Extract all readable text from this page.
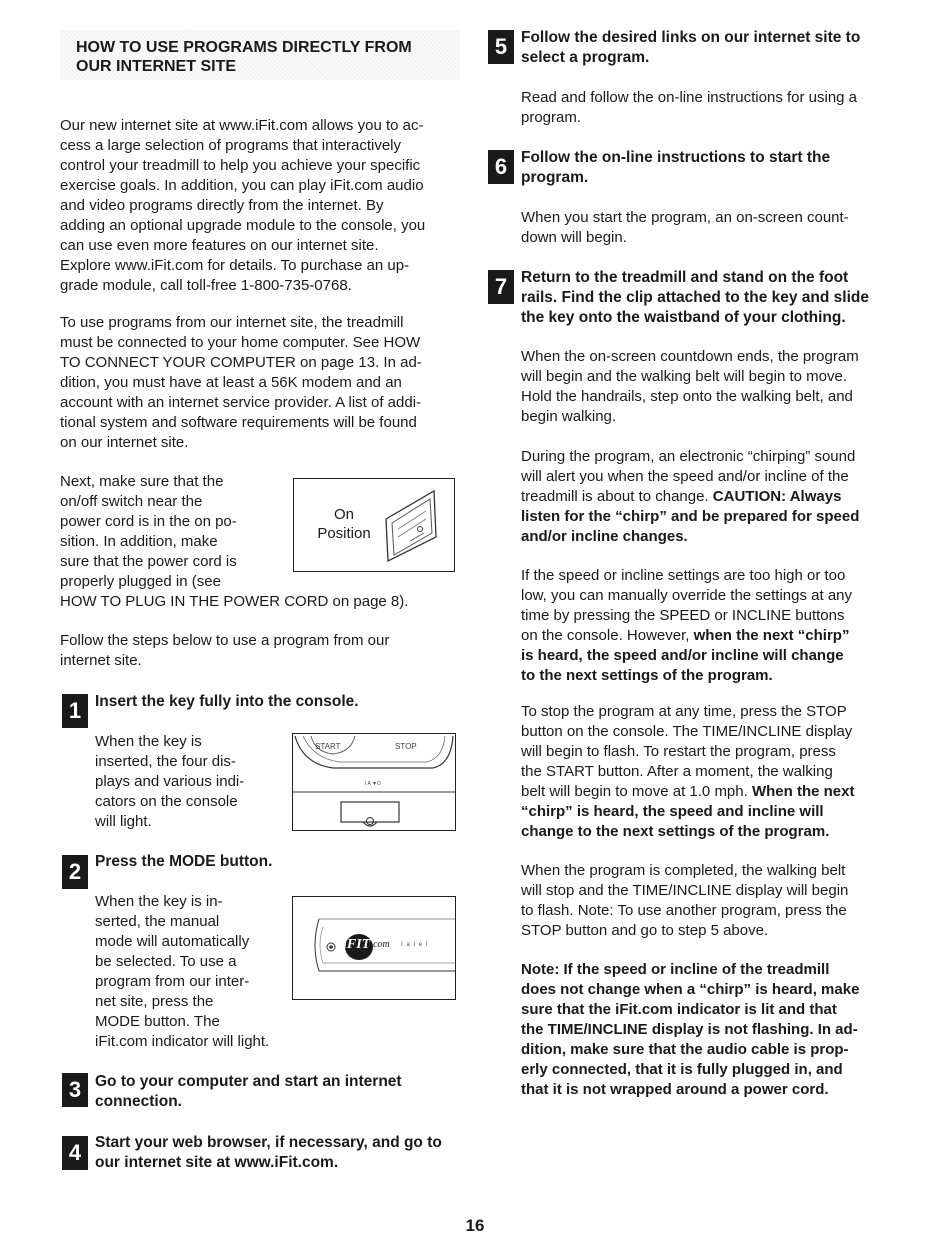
HOW TO USE PROGRAMS DIRECTLY FROM
OUR INTERNET SITE

Our new internet site at www.iFit.com allows you to ac-

cess a large selection of programs that interactively

control your treadmill to help you achieve your specific

exercise goals. In addition, you can play iFit.com audio

and video programs directly from the internet. By

adding an optional upgrade module to the console, you

can use even more features on our internet site.

Explore www.iFit.com for details. To purchase an up-

grade module, call toll-free 1-800-735-0768.

To use programs from our internet site, the treadmill

must be connected to your home computer. See HOW

TO CONNECT YOUR COMPUTER on page 13. In ad-

dition, you must have at least a 56K modem and an

account with an internet service provider. A list of addi-

tional system and software requirements will be found

on our internet site.

Next, make sure that the

on/off switch near the

power cord is in the on po-

sition. In addition, make

sure that the power cord is

properly plugged in (see

HOW TO PLUG IN THE POWER CORD on page 8).

On
Position

Follow the steps below to use a program from our

internet site.

1 Insert the key fully into the console.

When the key is

inserted, the four dis-

plays and various indi-

cators on the console

will light.

START	STOP
I A ▼O
2 Press the MODE button.

When the key is in-

serted, the manual

mode will automatically

be selected. To use a

program from our inter-

net site, press the

MODE button. The

iFit.com indicator will light.

iFIT com I a I e I
3 Go to your computer and start an internet
connection.
4 Start your web browser, if necessary, and go to
our internet site at www.iFit.com.
5 Follow the desired links on our internet site to
select a program.

Read and follow the on-line instructions for using a

program.

6 Follow the on-line instructions to start the
program.

When you start the program, an on-screen count-

down will begin.

7 Return to the treadmill and stand on the foot
rails. Find the clip attached to the key and slide
the key onto the waistband of your clothing.

When the on-screen countdown ends, the program

will begin and the walking belt will begin to move.

Hold the handrails, step onto the walking belt, and

begin walking.

During the program, an electronic “chirping” sound

will alert you when the speed and/or incline of the

treadmill is about to change. CAUTION: Always

listen for the “chirp” and be prepared for speed

and/or incline changes.

If the speed or incline settings are too high or too

low, you can manually override the settings at any

time by pressing the SPEED or INCLINE buttons

on the console. However, when the next “chirp”

is heard, the speed and/or incline will change

to the next settings of the program.

To stop the program at any time, press the STOP

button on the console. The TIME/INCLINE display

will begin to flash. To restart the program, press

the START button. After a moment, the walking

belt will begin to move at 1.0 mph. When the next

“chirp” is heard, the speed and incline will

change to the next settings of the program.

When the program is completed, the walking belt

will stop and the TIME/INCLINE display will begin

to flash. Note: To use another program, press the

STOP button and go to step 5 above.

Note: If the speed or incline of the treadmill

does not change when a “chirp” is heard, make

sure that the iFit.com indicator is lit and that

the TIME/INCLINE display is not flashing. In ad-

dition, make sure that the audio cable is prop-

erly connected, that it is fully plugged in, and

that it is not wrapped around a power cord.

16
